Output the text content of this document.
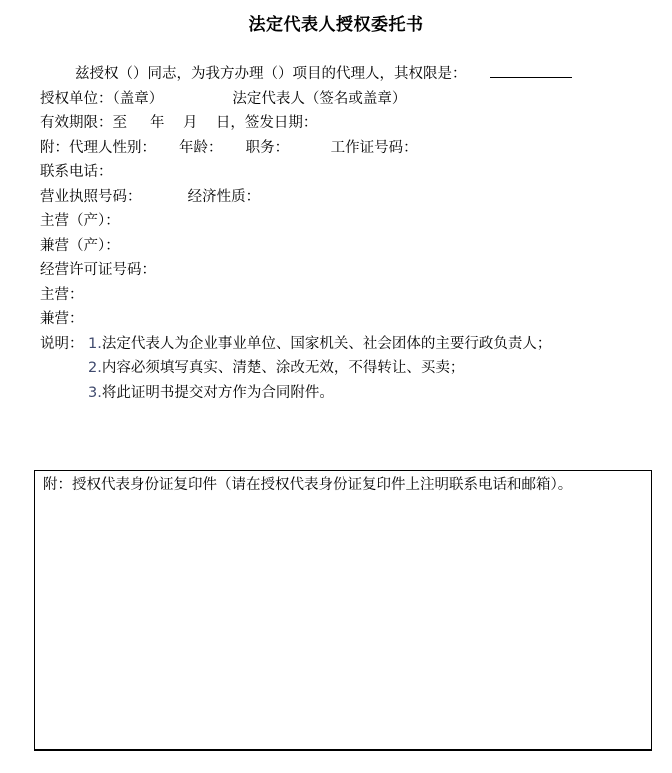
法定代表人授权委托书
兹授权（）同志，为我方办理（）项目的代理人，其权限是：
授权单位：（盖章）               法定代表人（签名或盖章）
有效期限：至     年    月    日，签发日期：
附：代理人性别：     年龄：     职务：         工作证号码：
联系电话：
营业执照号码：          经济性质：
主营（产）：
兼营（产）：
经营许可证号码：
主营：
兼营：
说明： 1.法定代表人为企业事业单位、国家机关、社会团体的主要行政负责人；
2.内容必须填写真实、清楚、涂改无效，不得转让、买卖；
3.将此证明书提交对方作为合同附件。
附：授权代表身份证复印件（请在授权代表身份证复印件上注明联系电话和邮箱）。
